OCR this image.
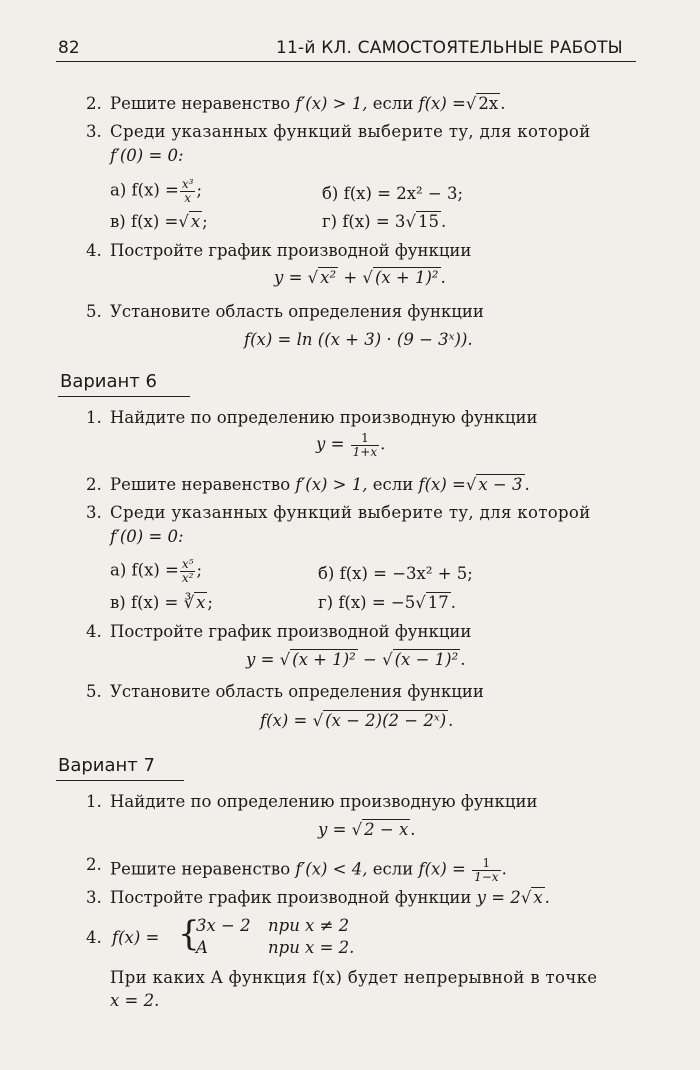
82	11-й КЛ. САМОСТОЯТЕЛЬНЫЕ РАБОТЫ
2. Решите неравенство f′(x) > 1, если f(x) =√ 2x .
3. Среди указанных функций выберите ту, для которой
f′(0) = 0:
а) $f(x) = \frac{\text{x³}}{x}$ ;	б) f(x) = 2x² − 3;
в) f(x) =√ x ;	г) f(x) = 3√ 15 .
4. Постройте график производной функции
y = √ x² + √ (x + 1)² .
5. Установите область определения функции
f(x) = ln ((x + 3) · (9 − 3ˣ)).
Вариант 6
1. Найдите по определению производную функции
$y = \frac{1}{1+x}$ .
2. Решите неравенство f′(x) > 1, если f(x) =√ x − 3 .
3. Среди указанных функций выберите ту, для которой
f′(0) = 0:
а) $f(x) = \frac{\text{x⁵}}{\text{x²}}$ ;	б) f(x) = −3x² + 5;
в) f(x) = ∛ x ;	г) f(x) = −5√ 17 .
4. Постройте график производной функции
y = √ (x + 1)² − √ (x − 1)² .
5. Установите область определения функции
f(x) = √ (x − 2)(2 − 2ˣ) .
Вариант 7
1. Найдите по определению производную функции
y = √ 2 − x .
2. Решите неравенство f′(x) < 4, если $f(x) = \frac{1}{1-x}$ .
3. Постройте график производной функции y = 2√ x .
4. f(x) = {
3x − 2 при x ≠ 2
A	при x = 2.
При каких A функция f(x) будет непрерывной в точке
x = 2.
